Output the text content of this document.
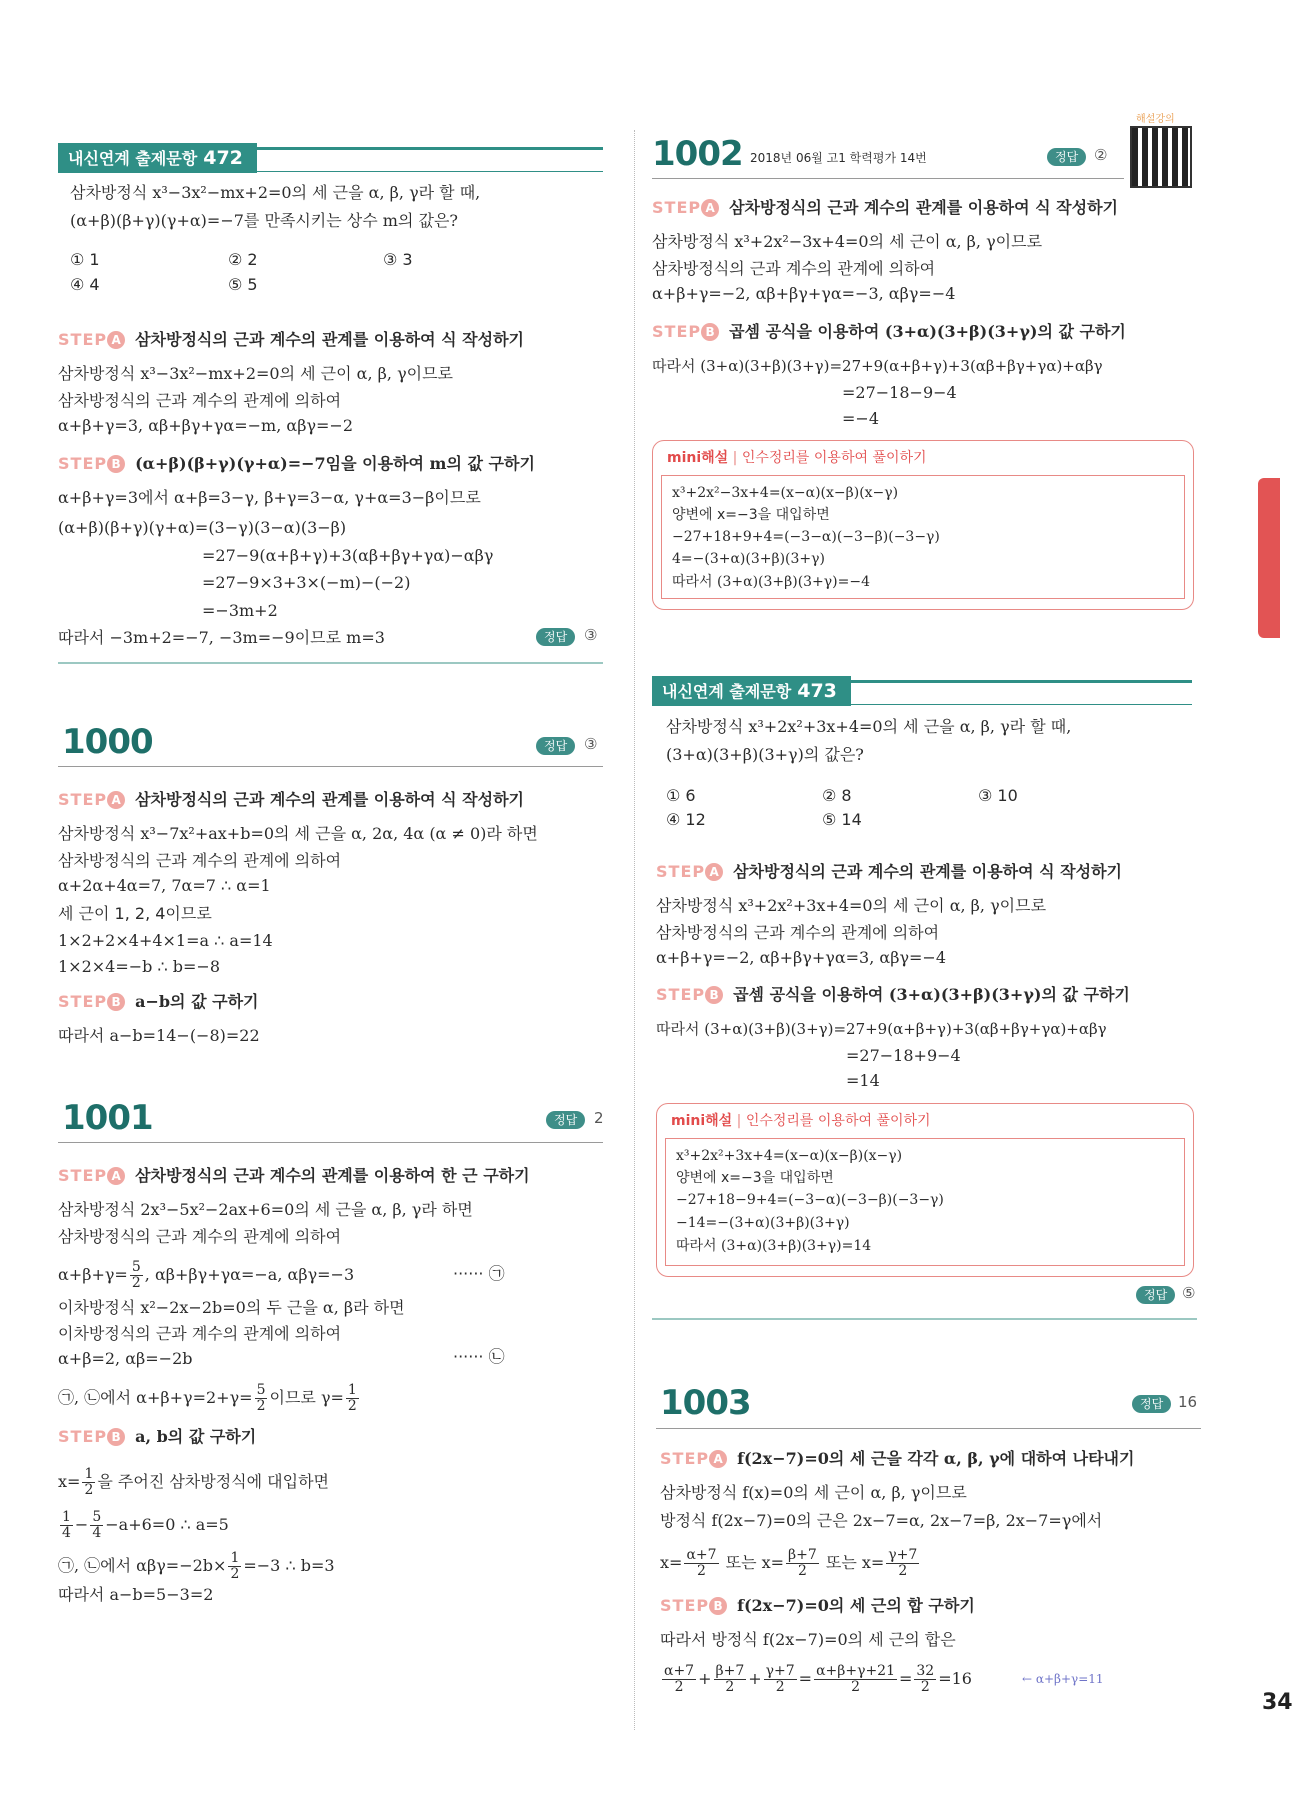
해설강의
34
내신연계 출제문항 472
삼차방정식 x³−3x²−mx+2=0의 세 근을 α, β, γ라 할 때,
(α+β)(β+γ)(γ+α)=−7를 만족시키는 상수 m의 값은?
① 1	② 2	③ 3
④ 4	⑤ 5
STEP A 삼차방정식의 근과 계수의 관계를 이용하여 식 작성하기
삼차방정식 x³−3x²−mx+2=0의 세 근이 α, β, γ이므로
삼차방정식의 근과 계수의 관계에 의하여
α+β+γ=3, αβ+βγ+γα=−m, αβγ=−2
STEP B (α+β)(β+γ)(γ+α)=−7임을 이용하여 m의 값 구하기
α+β+γ=3에서 α+β=3−γ, β+γ=3−α, γ+α=3−β이므로
(α+β)(β+γ)(γ+α)=(3−γ)(3−α)(3−β)
=27−9(α+β+γ)+3(αβ+βγ+γα)−αβγ
=27−9×3+3×(−m)−(−2)
=−3m+2
따라서 −3m+2=−7, −3m=−9이므로 m=3	정답	③
1000	정답	③
STEP A 삼차방정식의 근과 계수의 관계를 이용하여 식 작성하기
삼차방정식 x³−7x²+ax+b=0의 세 근을 α, 2α, 4α (α ≠ 0)라 하면
삼차방정식의 근과 계수의 관계에 의하여
α+2α+4α=7, 7α=7 ∴ α=1
세 근이 1, 2, 4이므로
1×2+2×4+4×1=a ∴ a=14
1×2×4=−b ∴ b=−8
STEP B a−b의 값 구하기
따라서 a−b=14−(−8)=22
1001	정답	2
STEP A 삼차방정식의 근과 계수의 관계를 이용하여 한 근 구하기
삼차방정식 2x³−5x²−2ax+6=0의 세 근을 α, β, γ라 하면
삼차방정식의 근과 계수의 관계에 의하여
$\alpha+\beta+\gamma= \frac{5}{2}$ , αβ+βγ+γα=−a, αβγ=−3	······ ㉠
이차방정식 x²−2x−2b=0의 두 근을 α, β라 하면
이차방정식의 근과 계수의 관계에 의하여
α+β=2, αβ=−2b	······ ㉡
㉠, ㉡에서 $\alpha+\beta+\gamma=2+\gamma= \frac{5}{2}$ 이므로 $\gamma= \frac{1}{2}$
STEP B a, b의 값 구하기
$x= \frac{1}{2}$ 을 주어진 삼차방정식에 대입하면
$\frac{1}{4} - \frac{5}{4} -a+6=0$ ∴ a=5
㉠, ㉡에서 $\alpha\beta\gamma=-2b\times \frac{1}{2} =-3$ ∴ b=3
따라서 a−b=5−3=2
1002 2018년 06월 고1 학력평가 14번	정답	②
STEP A 삼차방정식의 근과 계수의 관계를 이용하여 식 작성하기
삼차방정식 x³+2x²−3x+4=0의 세 근이 α, β, γ이므로
삼차방정식의 근과 계수의 관계에 의하여
α+β+γ=−2, αβ+βγ+γα=−3, αβγ=−4
STEP B 곱셈 공식을 이용하여 (3+α)(3+β)(3+γ)의 값 구하기
따라서 (3+α)(3+β)(3+γ)=27+9(α+β+γ)+3(αβ+βγ+γα)+αβγ
=27−18−9−4
=−4
mini해설 | 인수정리를 이용하여 풀이하기
x³+2x²−3x+4=(x−α)(x−β)(x−γ)
양변에 x=−3을 대입하면
−27+18+9+4=(−3−α)(−3−β)(−3−γ)
4=−(3+α)(3+β)(3+γ)
따라서 (3+α)(3+β)(3+γ)=−4
내신연계 출제문항 473
삼차방정식 x³+2x²+3x+4=0의 세 근을 α, β, γ라 할 때,
(3+α)(3+β)(3+γ)의 값은?
① 6	② 8	③ 10
④ 12	⑤ 14
STEP A 삼차방정식의 근과 계수의 관계를 이용하여 식 작성하기
삼차방정식 x³+2x²+3x+4=0의 세 근이 α, β, γ이므로
삼차방정식의 근과 계수의 관계에 의하여
α+β+γ=−2, αβ+βγ+γα=3, αβγ=−4
STEP B 곱셈 공식을 이용하여 (3+α)(3+β)(3+γ)의 값 구하기
따라서 (3+α)(3+β)(3+γ)=27+9(α+β+γ)+3(αβ+βγ+γα)+αβγ
=27−18+9−4
=14
mini해설 | 인수정리를 이용하여 풀이하기
x³+2x²+3x+4=(x−α)(x−β)(x−γ)
양변에 x=−3을 대입하면
−27+18−9+4=(−3−α)(−3−β)(−3−γ)
−14=−(3+α)(3+β)(3+γ)
따라서 (3+α)(3+β)(3+γ)=14
정답 ⑤
1003	정답 16
STEP A f(2x−7)=0의 세 근을 각각 α, β, γ에 대하여 나타내기
삼차방정식 f(x)=0의 세 근이 α, β, γ이므로
방정식 f(2x−7)=0의 근은 2x−7=α, 2x−7=β, 2x−7=γ에서
$x= \frac{\alpha+7}{2}$ 또는 $x= \frac{\beta+7}{2}$ 또는 $x= \frac{\gamma+7}{2}$
STEP B f(2x−7)=0의 세 근의 합 구하기
따라서 방정식 f(2x−7)=0의 세 근의 합은
$\frac{\alpha+7}{2} + \frac{\beta+7}{2} + \frac{\gamma+7}{2} = \frac{\alpha+\beta+\gamma+21}{2} = \frac{32}{2} =16$	← α+β+γ=11
